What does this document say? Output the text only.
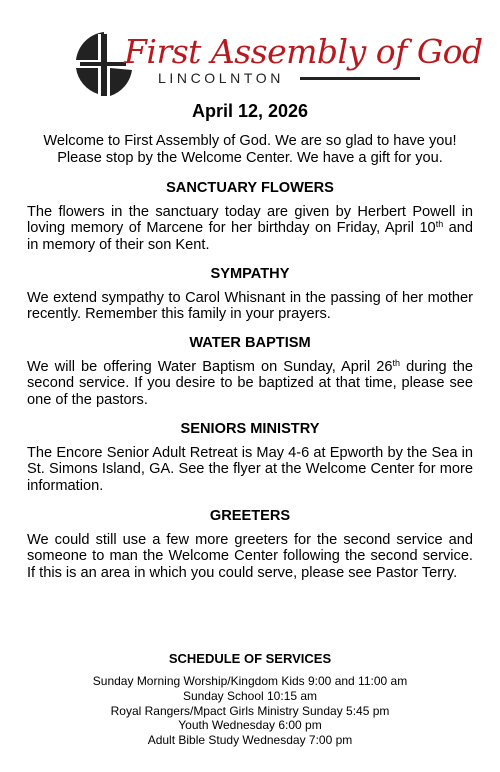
First Assembly of God
LINCOLNTON
April 12, 2026
Welcome to First Assembly of God. We are so glad to have you!
Please stop by the Welcome Center. We have a gift for you.
SANCTUARY FLOWERS
The flowers in the sanctuary today are given by Herbert Powell in loving memory of Marcene for her birthday on Friday, April 10th and in memory of their son Kent.
SYMPATHY
We extend sympathy to Carol Whisnant in the passing of her mother recently. Remember this family in your prayers.
WATER BAPTISM
We will be offering Water Baptism on Sunday, April 26th during the second service. If you desire to be baptized at that time, please see one of the pastors.
SENIORS MINISTRY
The Encore Senior Adult Retreat is May 4-6 at Epworth by the Sea in St. Simons Island, GA. See the flyer at the Welcome Center for more information.
GREETERS
We could still use a few more greeters for the second service and someone to man the Welcome Center following the second service. If this is an area in which you could serve, please see Pastor Terry.
SCHEDULE OF SERVICES
Sunday Morning Worship/Kingdom Kids 9:00 and 11:00 am
Sunday School 10:15 am
Royal Rangers/Mpact Girls Ministry Sunday 5:45 pm
Youth Wednesday 6:00 pm
Adult Bible Study Wednesday 7:00 pm
